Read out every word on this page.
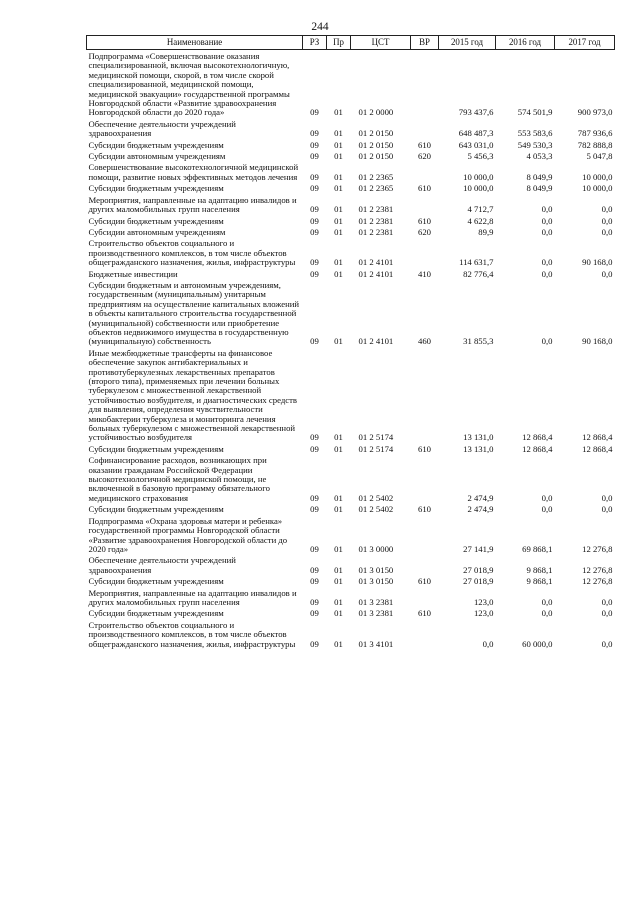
244
Наименование	РЗ	Пр	ЦСТ	ВР	2015 год	2016 год	2017 год
Подпрограмма «Совершенствование оказания специализированной, включая высокотехнологичную, медицинской помощи, скорой, в том числе скорой специализированной, медицинской помощи, медицинской эвакуации» государственной программы Новгородской области «Развитие здравоохранения Новгородской области до 2020 года»	09	01	01 2 0000		793 437,6	574 501,9	900 973,0
Обеспечение деятельности учреждений здравоохранения	09	01	01 2 0150		648 487,3	553 583,6	787 936,6
Субсидии бюджетным учреждениям	09	01	01 2 0150	610	643 031,0	549 530,3	782 888,8
Субсидии автономным учреждениям	09	01	01 2 0150	620	5 456,3	4 053,3	5 047,8
Совершенствование высокотехнологичной медицинской помощи, развитие новых эффективных методов лечения	09	01	01 2 2365		10 000,0	8 049,9	10 000,0
Субсидии бюджетным учреждениям	09	01	01 2 2365	610	10 000,0	8 049,9	10 000,0
Мероприятия, направленные на адаптацию инвалидов и других маломобильных групп населения	09	01	01 2 2381		4 712,7	0,0	0,0
Субсидии бюджетным учреждениям	09	01	01 2 2381	610	4 622,8	0,0	0,0
Субсидии автономным учреждениям	09	01	01 2 2381	620	89,9	0,0	0,0
Строительство объектов социального и производственного комплексов, в том числе объектов общегражданского назначения, жилья, инфраструктуры	09	01	01 2 4101		114 631,7	0,0	90 168,0
Бюджетные инвестиции	09	01	01 2 4101	410	82 776,4	0,0	0,0
Субсидии бюджетным и автономным учреждениям, государственным (муниципальным) унитарным предприятиям на осуществление капитальных вложений в объекты капитального строительства государственной (муниципальной) собственности или приобретение объектов недвижимого имущества в государственную (муниципальную) собственность	09	01	01 2 4101	460	31 855,3	0,0	90 168,0
Иные межбюджетные трансферты на финансовое обеспечение закупок антибактериальных и противотуберкулезных лекарственных препаратов (второго типа), применяемых при лечении больных туберкулезом с множественной лекарственной устойчивостью возбудителя, и диагностических средств для выявления, определения чувствительности микобактерии туберкулеза и мониторинга лечения больных туберкулезом с множественной лекарственной устойчивостью возбудителя	09	01	01 2 5174		13 131,0	12 868,4	12 868,4
Субсидии бюджетным учреждениям	09	01	01 2 5174	610	13 131,0	12 868,4	12 868,4
Софинансирование расходов, возникающих при оказании гражданам Российской Федерации высокотехнологичной медицинской помощи, не включенной в базовую программу обязательного медицинского страхования	09	01	01 2 5402		2 474,9	0,0	0,0
Субсидии бюджетным учреждениям	09	01	01 2 5402	610	2 474,9	0,0	0,0
Подпрограмма «Охрана здоровья матери и ребенка» государственной программы Новгородской области «Развитие здравоохранения Новгородской области до 2020 года»	09	01	01 3 0000		27 141,9	69 868,1	12 276,8
Обеспечение деятельности учреждений здравоохранения	09	01	01 3 0150		27 018,9	9 868,1	12 276,8
Субсидии бюджетным учреждениям	09	01	01 3 0150	610	27 018,9	9 868,1	12 276,8
Мероприятия, направленные на адаптацию инвалидов и других маломобильных групп населения	09	01	01 3 2381		123,0	0,0	0,0
Субсидии бюджетным учреждениям	09	01	01 3 2381	610	123,0	0,0	0,0
Строительство объектов социального и производственного комплексов, в том числе объектов общегражданского назначения, жилья, инфраструктуры	09	01	01 3 4101		0,0	60 000,0	0,0
